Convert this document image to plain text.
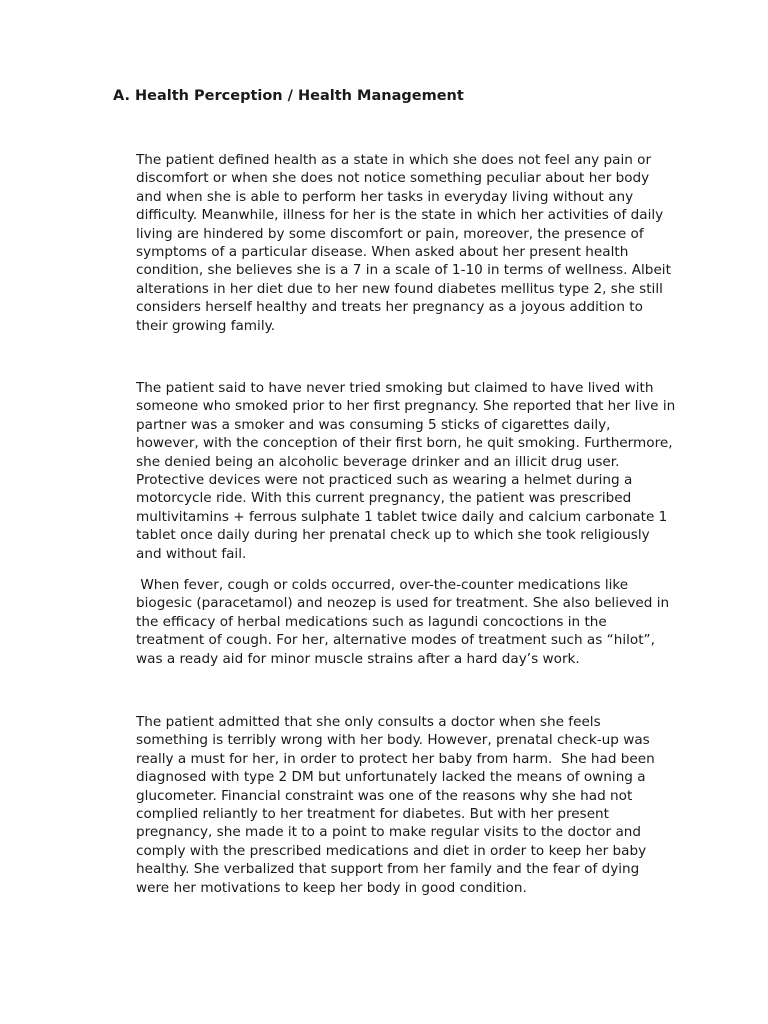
A. Health Perception / Health Management

The patient defined health as a state in which she does not feel any pain or discomfort or when she does not notice something peculiar about her body and when she is able to perform her tasks in everyday living without any difficulty. Meanwhile, illness for her is the state in which her activities of daily living are hindered by some discomfort or pain, moreover, the presence of symptoms of a particular disease. When asked about her present health condition, she believes she is a 7 in a scale of 1-10 in terms of wellness. Albeit alterations in her diet due to her new found diabetes mellitus type 2, she still considers herself healthy and treats her pregnancy as a joyous addition to their growing family.

The patient said to have never tried smoking but claimed to have lived with someone who smoked prior to her first pregnancy. She reported that her live in partner was a smoker and was consuming 5 sticks of cigarettes daily, however, with the conception of their first born, he quit smoking. Furthermore, she denied being an alcoholic beverage drinker and an illicit drug user. Protective devices were not practiced such as wearing a helmet during a motorcycle ride. With this current pregnancy, the patient was prescribed multivitamins + ferrous sulphate 1 tablet twice daily and calcium carbonate 1 tablet once daily during her prenatal check up to which she took religiously and without fail.

When fever, cough or colds occurred, over-the-counter medications like biogesic (paracetamol) and neozep is used for treatment. She also believed in the efficacy of herbal medications such as lagundi concoctions in the treatment of cough. For her, alternative modes of treatment such as “hilot”, was a ready aid for minor muscle strains after a hard day’s work.

The patient admitted that she only consults a doctor when she feels something is terribly wrong with her body. However, prenatal check-up was really a must for her, in order to protect her baby from harm.  She had been diagnosed with type 2 DM but unfortunately lacked the means of owning a glucometer. Financial constraint was one of the reasons why she had not complied reliantly to her treatment for diabetes. But with her present pregnancy, she made it to a point to make regular visits to the doctor and comply with the prescribed medications and diet in order to keep her baby healthy. She verbalized that support from her family and the fear of dying were her motivations to keep her body in good condition.
